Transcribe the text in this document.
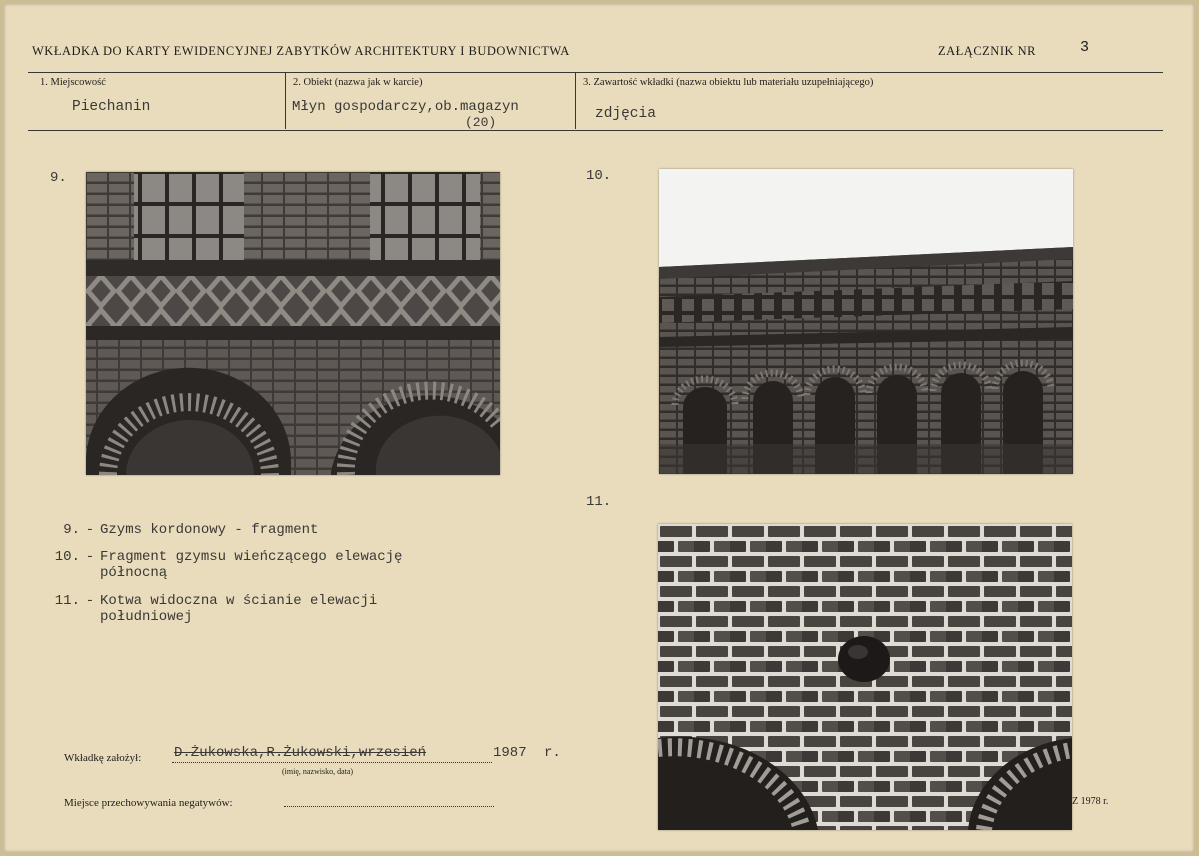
WKŁADKA DO KARTY EWIDENCYJNEJ ZABYTKÓW ARCHITEKTURY I BUDOWNICTWA	ZAŁĄCZNIK NR	3
1. Miejscowość
Piechanin
2. Obiekt (nazwa jak w karcie)
Młyn gospodarczy,ob.magazyn
(20)
3. Zawartość wkładki (nazwa obiektu lub materiału uzupełniającego)
zdjęcia
9.	10.
11.
9. - Gzyms kordonowy - fragment
10. - Fragment gzymsu wieńczącego elewację północną
11. - Kotwa widoczna w ścianie elewacji południowej
Wkładkę założył: D.Żukowska,R.Żukowski,wrzesień	1987 r.
(imię, nazwisko, data)
Miejsce przechowywania negatywów:	Z 1978 r.
